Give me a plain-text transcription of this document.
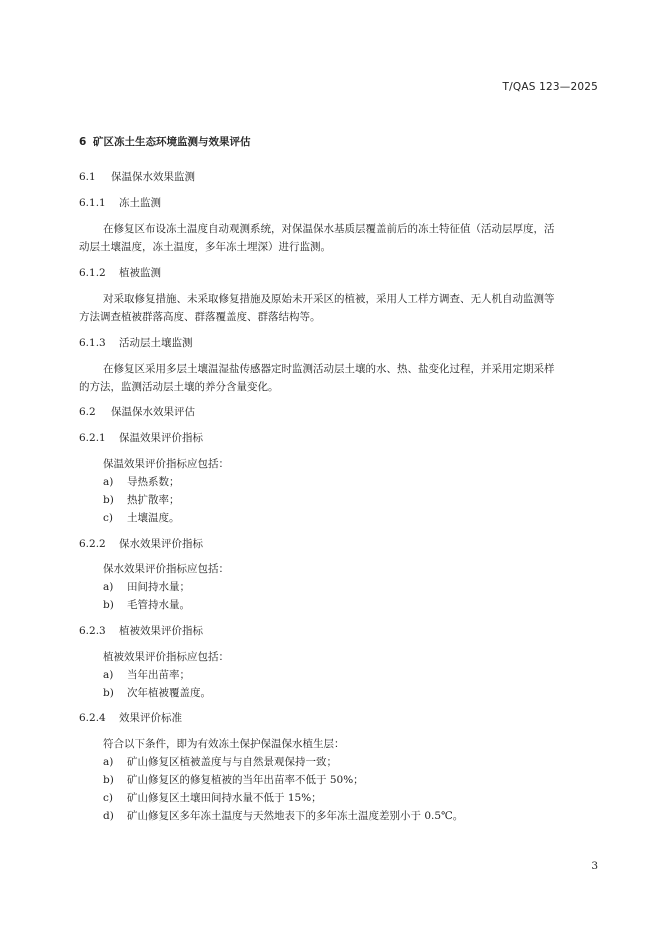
T/QAS 123—2025
6 矿区冻土生态环境监测与效果评估
6.1 保温保水效果监测
6.1.1 冻土监测
在修复区布设冻土温度自动观测系统，对保温保水基质层覆盖前后的冻土特征值（活动层厚度，活
动层土壤温度，冻土温度，多年冻土埋深）进行监测。
6.1.2 植被监测
对采取修复措施、未采取修复措施及原始未开采区的植被，采用人工样方调查、无人机自动监测等
方法调查植被群落高度、群落覆盖度、群落结构等。
6.1.3 活动层土壤监测
在修复区采用多层土壤温湿盐传感器定时监测活动层土壤的水、热、盐变化过程，并采用定期采样
的方法，监测活动层土壤的养分含量变化。
6.2 保温保水效果评估
6.2.1 保温效果评价指标
保温效果评价指标应包括：
a) 导热系数；
b) 热扩散率；
c) 土壤温度。
6.2.2 保水效果评价指标
保水效果评价指标应包括：
a) 田间持水量；
b) 毛管持水量。
6.2.3 植被效果评价指标
植被效果评价指标应包括：
a) 当年出苗率；
b) 次年植被覆盖度。
6.2.4 效果评价标准
符合以下条件，即为有效冻土保护保温保水植生层：
a) 矿山修复区植被盖度与与自然景观保持一致；
b) 矿山修复区的修复植被的当年出苗率不低于 50%；
c) 矿山修复区土壤田间持水量不低于 15%；
d) 矿山修复区多年冻土温度与天然地表下的多年冻土温度差别小于 0.5℃。
3
